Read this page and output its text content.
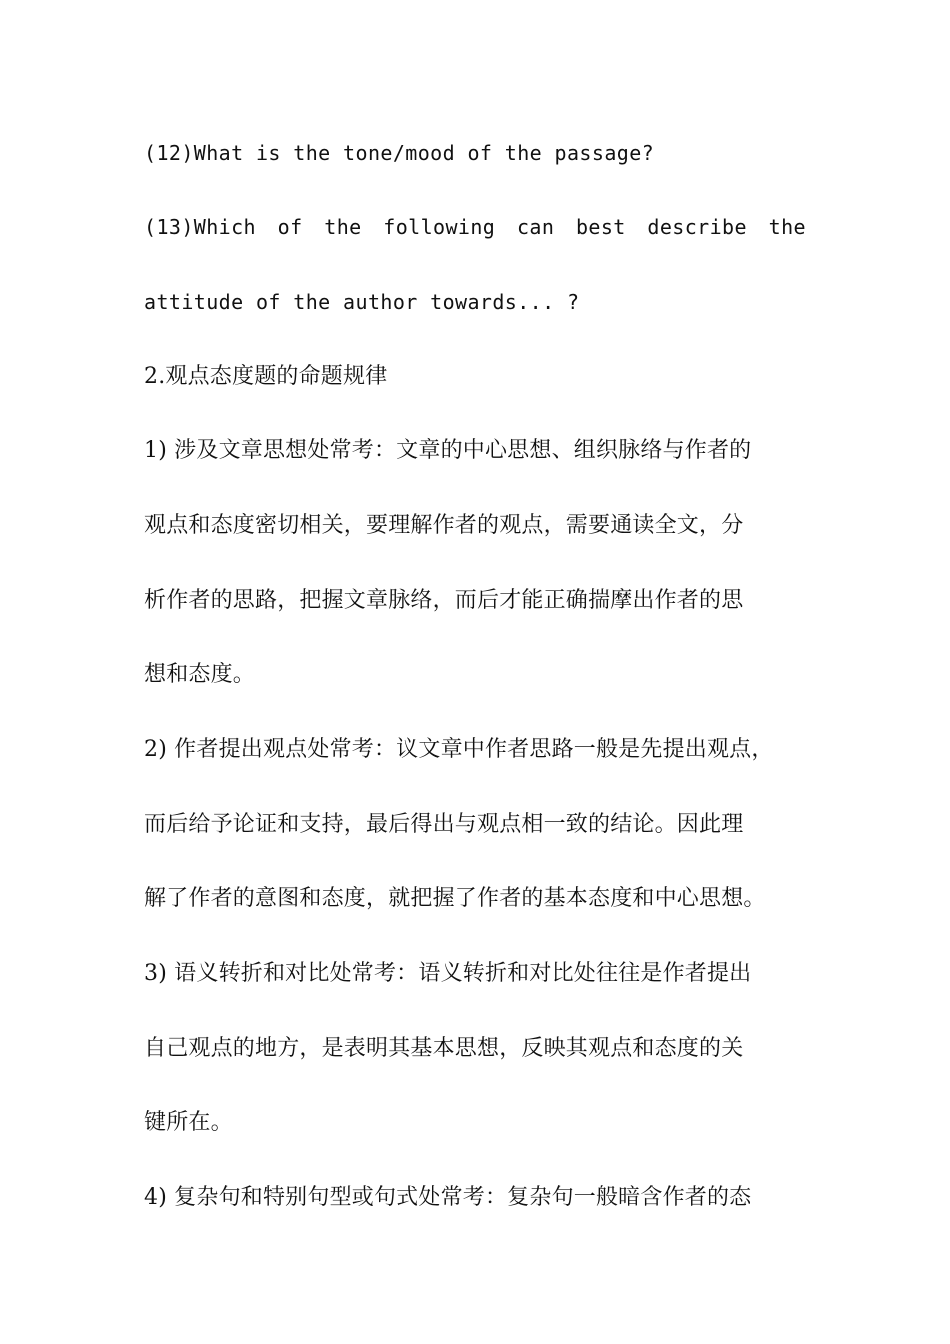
(12)What is the tone/mood of the passage?
(13)Which of the following can best describe the
attitude of the author towards... ?
2.观点态度题的命题规律
1) 涉及文章思想处常考：文章的中心思想、组织脉络与作者的
观点和态度密切相关，要理解作者的观点，需要通读全文，分
析作者的思路，把握文章脉络，而后才能正确揣摩出作者的思
想和态度。
2) 作者提出观点处常考：议文章中作者思路一般是先提出观点，
而后给予论证和支持，最后得出与观点相一致的结论。因此理
解了作者的意图和态度，就把握了作者的基本态度和中心思想。
3) 语义转折和对比处常考：语义转折和对比处往往是作者提出
自己观点的地方，是表明其基本思想，反映其观点和态度的关
键所在。
4) 复杂句和特别句型或句式处常考：复杂句一般暗含作者的态
